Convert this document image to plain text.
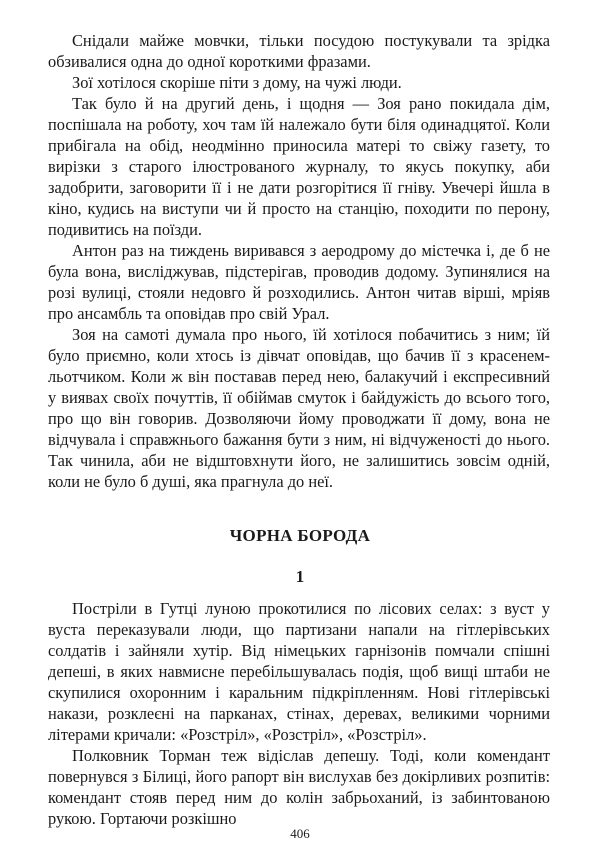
Снідали майже мовчки, тільки посудою постукували та зрідка обзивалися одна до одної короткими фразами.

Зої хотілося скоріше піти з дому, на чужі люди.

Так було й на другий день, і щодня — Зоя рано покидала дім, поспішала на роботу, хоч там їй належало бути біля одинадцятої. Коли прибігала на обід, неодмінно приносила матері то свіжу газету, то вирізки з старого ілюстрованого журналу, то якусь покупку, аби задобрити, заговорити її і не дати розгорітися її гніву. Увечері йшла в кіно, кудись на виступи чи й просто на станцію, походити по перону, подивитись на поїзди.

Антон раз на тиждень виривався з аеродрому до містечка і, де б не була вона, висліджував, підстерігав, проводив додому. Зупинялися на розі вулиці, стояли недовго й розходились. Антон читав вірші, мріяв про ансамбль та оповідав про свій Урал.

Зоя на самоті думала про нього, їй хотілося побачитись з ним; їй було приємно, коли хтось із дівчат оповідав, що бачив її з красенем-льотчиком. Коли ж він поставав перед нею, балакучий і експресивний у виявах своїх почуттів, її обіймав смуток і байдужість до всього того, про що він говорив. Дозволяючи йому проводжати її дому, вона не відчувала і справжнього бажання бути з ним, ні відчуженості до нього. Так чинила, аби не відштовхнути його, не залишитись зовсім одній, коли не було б душі, яка прагнула до неї.

ЧОРНА БОРОДА
1

Постріли в Гутці луною прокотилися по лісових селах: з вуст у вуста переказували люди, що партизани напали на гітлерівських солдатів і зайняли хутір. Від німецьких гарнізонів помчали спішні депеші, в яких навмисне перебільшувалась подія, щоб вищі штаби не скупилися охоронним і каральним підкріпленням. Нові гітлерівські накази, розклеєні на парканах, стінах, деревах, великими чорними літерами кричали: «Розстріл», «Розстріл», «Розстріл».

Полковник Торман теж відіслав депешу. Тоді, коли комендант повернувся з Білиці, його рапорт він вислухав без докірливих розпитів: комендант стояв перед ним до колін забрьоханий, із забинтованою рукою. Гортаючи розкішно

406
